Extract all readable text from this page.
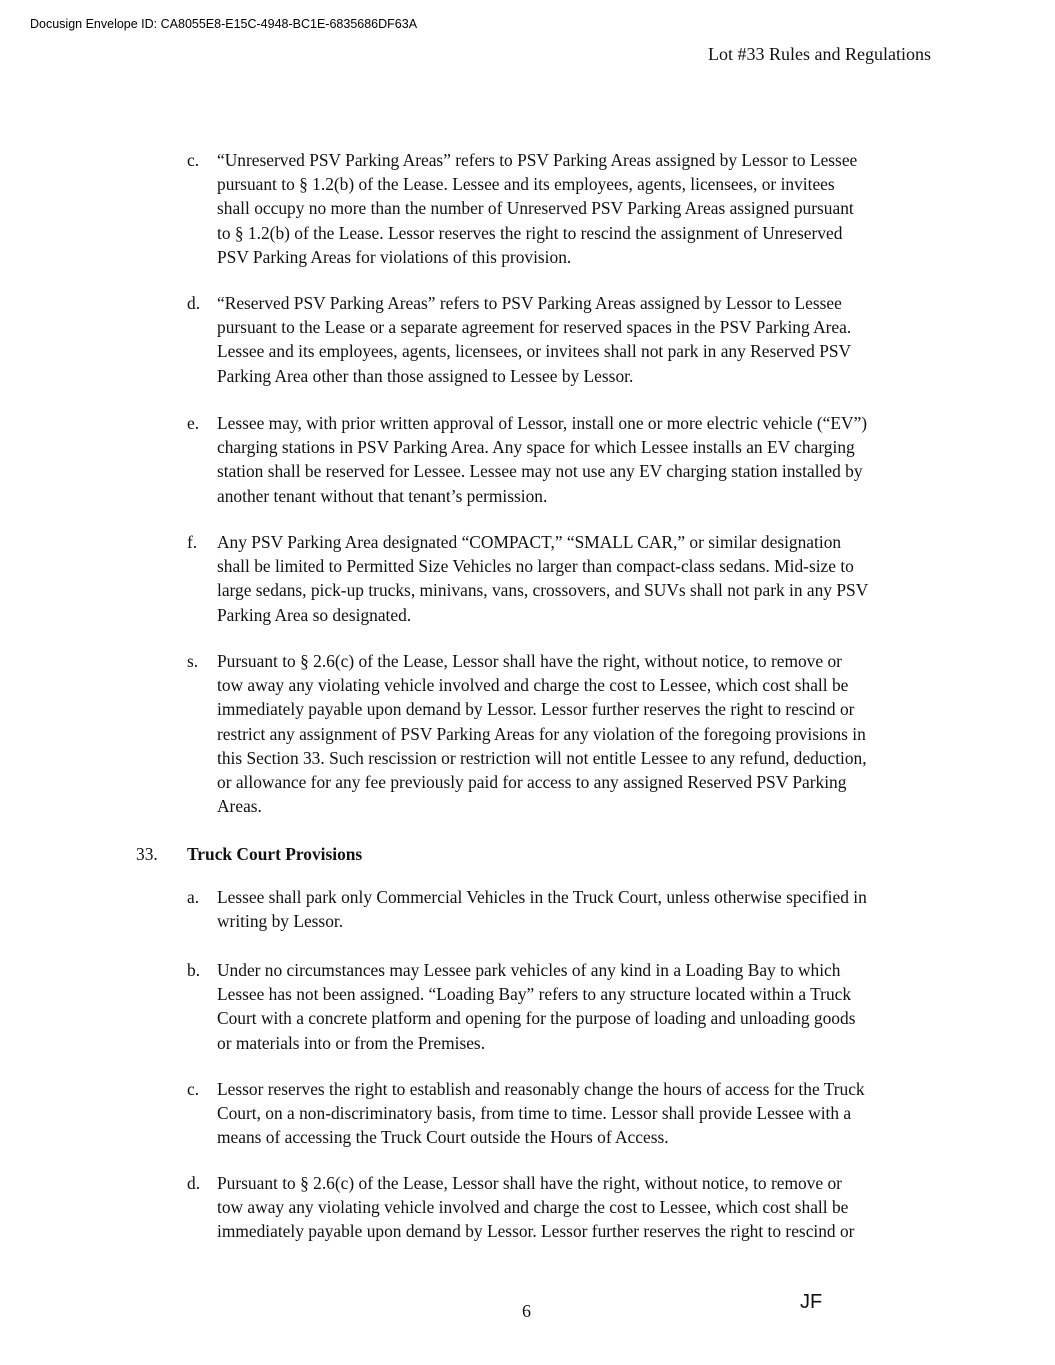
Docusign Envelope ID: CA8055E8-E15C-4948-BC1E-6835686DF63A
Lot #33 Rules and Regulations
c. “Unreserved PSV Parking Areas” refers to PSV Parking Areas assigned by Lessor to Lessee
pursuant to § 1.2(b) of the Lease. Lessee and its employees, agents, licensees, or invitees
shall occupy no more than the number of Unreserved PSV Parking Areas assigned pursuant
to § 1.2(b) of the Lease. Lessor reserves the right to rescind the assignment of Unreserved
PSV Parking Areas for violations of this provision.
d. “Reserved PSV Parking Areas” refers to PSV Parking Areas assigned by Lessor to Lessee
pursuant to the Lease or a separate agreement for reserved spaces in the PSV Parking Area.
Lessee and its employees, agents, licensees, or invitees shall not park in any Reserved PSV
Parking Area other than those assigned to Lessee by Lessor.
e. Lessee may, with prior written approval of Lessor, install one or more electric vehicle (“EV”)
charging stations in PSV Parking Area. Any space for which Lessee installs an EV charging
station shall be reserved for Lessee. Lessee may not use any EV charging station installed by
another tenant without that tenant’s permission.
f. Any PSV Parking Area designated “COMPACT,” “SMALL CAR,” or similar designation
shall be limited to Permitted Size Vehicles no larger than compact-class sedans. Mid-size to
large sedans, pick-up trucks, minivans, vans, crossovers, and SUVs shall not park in any PSV
Parking Area so designated.
s. Pursuant to § 2.6(c) of the Lease, Lessor shall have the right, without notice, to remove or
tow away any violating vehicle involved and charge the cost to Lessee, which cost shall be
immediately payable upon demand by Lessor. Lessor further reserves the right to rescind or
restrict any assignment of PSV Parking Areas for any violation of the foregoing provisions in
this Section 33. Such rescission or restriction will not entitle Lessee to any refund, deduction,
or allowance for any fee previously paid for access to any assigned Reserved PSV Parking
Areas.
33. Truck Court Provisions
a. Lessee shall park only Commercial Vehicles in the Truck Court, unless otherwise specified in
writing by Lessor.
b. Under no circumstances may Lessee park vehicles of any kind in a Loading Bay to which
Lessee has not been assigned. “Loading Bay” refers to any structure located within a Truck
Court with a concrete platform and opening for the purpose of loading and unloading goods
or materials into or from the Premises.
c. Lessor reserves the right to establish and reasonably change the hours of access for the Truck
Court, on a non-discriminatory basis, from time to time. Lessor shall provide Lessee with a
means of accessing the Truck Court outside the Hours of Access.
d. Pursuant to § 2.6(c) of the Lease, Lessor shall have the right, without notice, to remove or
tow away any violating vehicle involved and charge the cost to Lessee, which cost shall be
immediately payable upon demand by Lessor. Lessor further reserves the right to rescind or
6	JF
